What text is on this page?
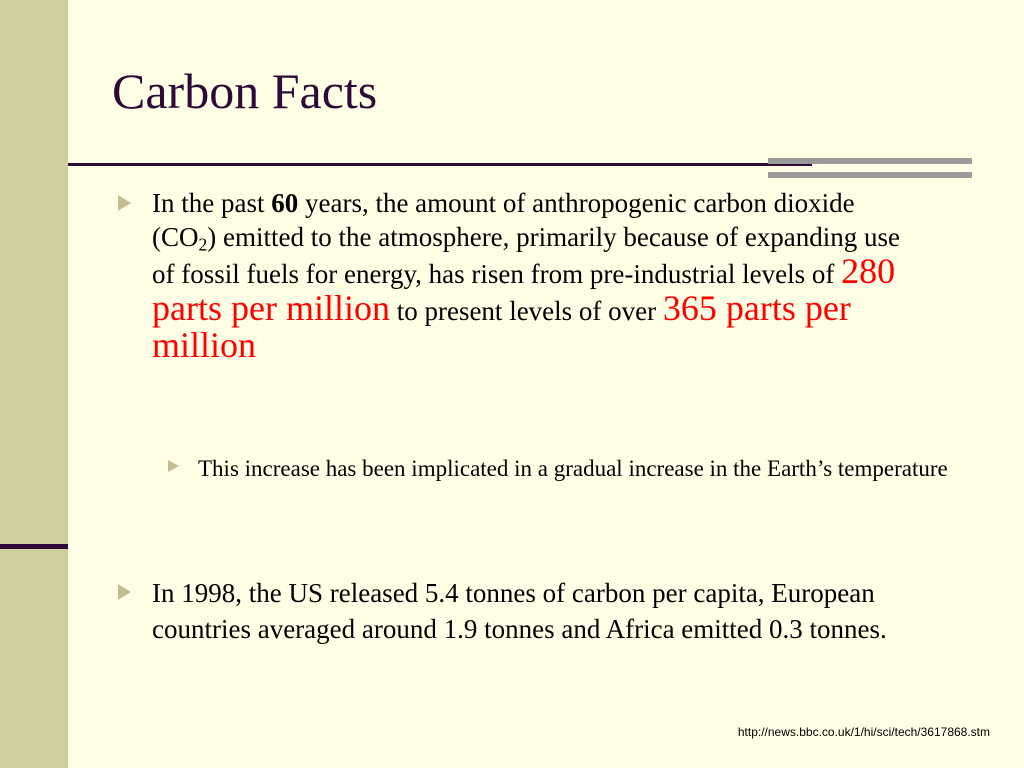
Carbon Facts
In the past 60 years, the amount of anthropogenic carbon dioxide $(CO_2)$ emitted to the atmosphere, primarily because of expanding use of fossil fuels for energy, has risen from pre-industrial levels of 280 parts per million to present levels of over 365 parts per million
This increase has been implicated in a gradual increase in the Earth’s temperature
In 1998, the US released 5.4 tonnes of carbon per capita, European countries averaged around 1.9 tonnes and Africa emitted 0.3 tonnes.
http://news.bbc.co.uk/1/hi/sci/tech/3617868.stm
